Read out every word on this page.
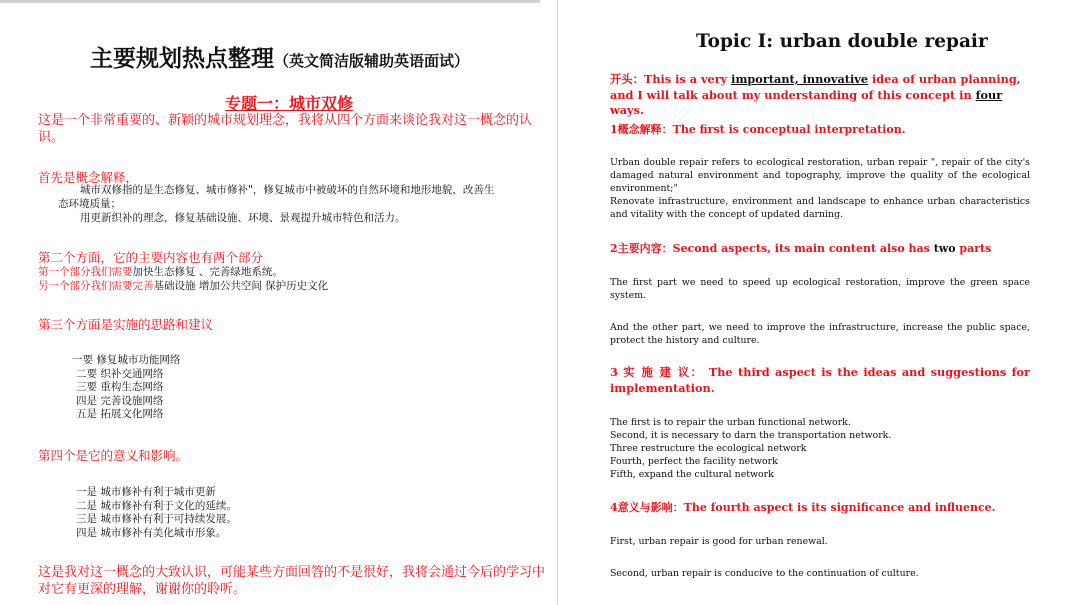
主要规划热点整理（英文简洁版辅助英语面试）
专题一：城市双修

这是一个非常重要的、新颖的城市规划理念，我将从四个方面来谈论我对这一概念的认识。

首先是概念解释，
城市双修指的是生态修复、城市修补"，修复城市中被破坏的自然环境和地形地貌，改善生
态环境质量；
用更新织补的理念，修复基础设施、环境、景观提升城市特色和活力。
第二个方面，它的主要内容也有两个部分
第一个部分我们需要加快生态修复 、完善绿地系统。
另一个部分我们需要完善基础设施 增加公共空间 保护历史文化
第三个方面是实施的思路和建议
一要 修复城市功能网络
二要 织补交通网络
三要 重构生态网络
四是 完善设施网络
五是 拓展文化网络
第四个是它的意义和影响。
一是 城市修补有利于城市更新
二是 城市修补有利于文化的延续。
三是 城市修补有利于可持续发展。
四是 城市修补有美化城市形象。

这是我对这一概念的大致认识，可能某些方面回答的不是很好，我将会通过今后的学习中对它有更深的理解，谢谢你的聆听。

Topic I: urban double repair

开头：This is a very important, innovative idea of urban planning, and I will talk about my understanding of this concept in four ways.

1概念解释：The first is conceptual interpretation.

Urban double repair refers to ecological restoration, urban repair ", repair of the city's damaged natural environment and topography, improve the quality of the ecological environment;"

Renovate infrastructure, environment and landscape to enhance urban characteristics and vitality with the concept of updated darning.

2主要内容：Second aspects, its main content also has two parts

The first part we need to speed up ecological restoration, improve the green space system.

And the other part, we need to improve the infrastructure, increase the public space, protect the history and culture.

3 实 施 建 议： The third aspect is the ideas and suggestions for implementation.

The first is to repair the urban functional network.
Second, it is necessary to darn the transportation network.
Three restructure the ecological network
Fourth, perfect the facility network
Fifth, expand the cultural network
4意义与影响：The fourth aspect is its significance and influence.
First, urban repair is good for urban renewal.
Second, urban repair is conducive to the continuation of culture.
